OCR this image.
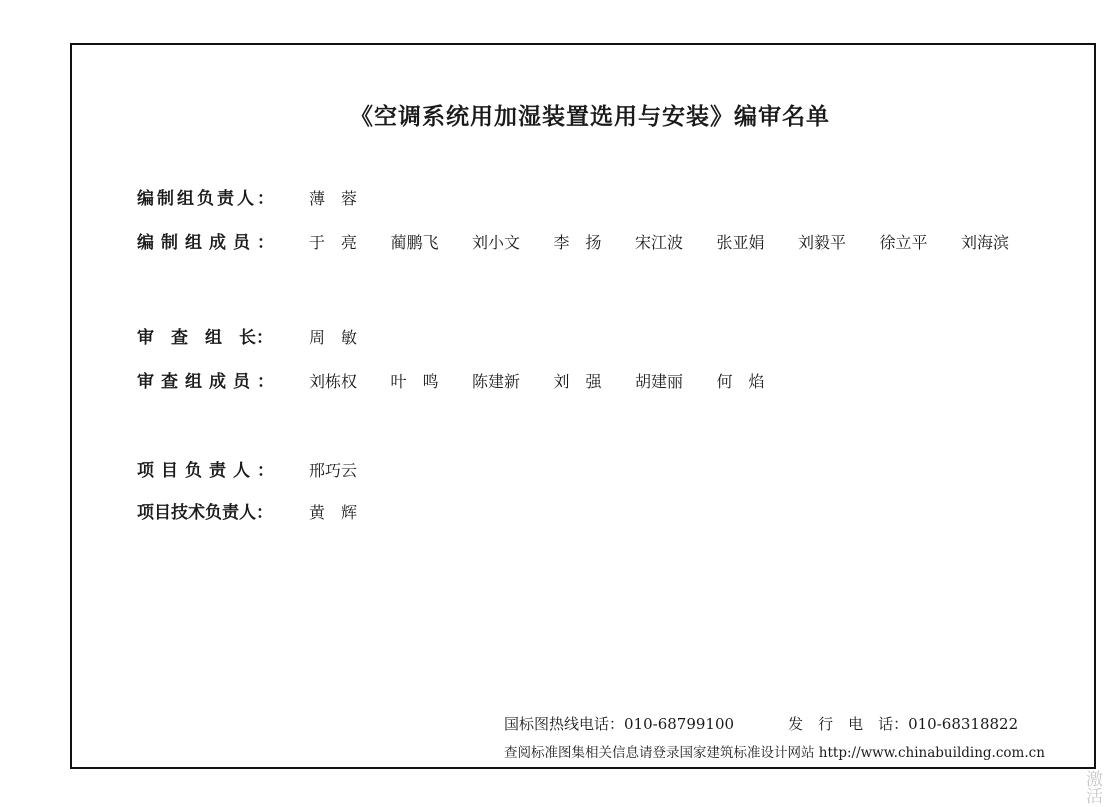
《空调系统用加湿装置选用与安装》编审名单
编制组负责人：	薄　蓉
编制组成员：	于　亮	蔺鹏飞	刘小文	李　扬	宋江波	张亚娟	刘毅平	徐立平	刘海滨
审　查　组　长：	周　敏
审查组成员：	刘栋权	叶　鸣	陈建新	刘　强	胡建丽	何　焰
项目负责人：	邢巧云
项目技术负责人：	黄　辉
国标图热线电话：010-68799100	发　行　电　话：010-68318822
查阅标准图集相关信息请登录国家建筑标准设计网站 http://www.chinabuilding.com.cn
激活
